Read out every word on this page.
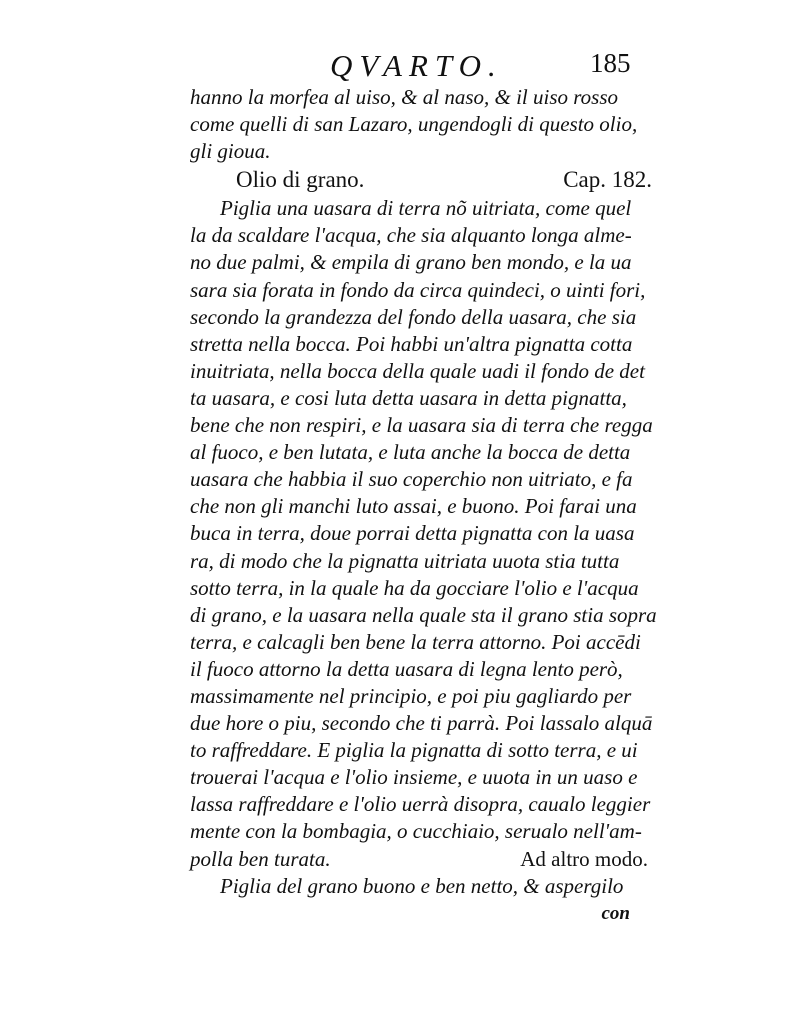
QVARTO.	185
hanno la morfea al uiso, & al naso, & il uiso rosso
come quelli di san Lazaro, ungendogli di questo olio,
gli gioua.
Olio di grano.	Cap. 182.
Piglia una uasara di terra nõ uitriata, come quel
la da scaldare l'acqua, che sia alquanto longa alme-
no due palmi, & empila di grano ben mondo, e la ua
sara sia forata in fondo da circa quindeci, o uinti fori,
secondo la grandezza del fondo della uasara, che sia
stretta nella bocca. Poi habbi un'altra pignatta cotta
inuitriata, nella bocca della quale uadi il fondo de det
ta uasara, e cosi luta detta uasara in detta pignatta,
bene che non respiri, e la uasara sia di terra che regga
al fuoco, e ben lutata, e luta anche la bocca de detta
uasara che habbia il suo coperchio non uitriato, e fa
che non gli manchi luto assai, e buono. Poi farai una
buca in terra, doue porrai detta pignatta con la uasa
ra, di modo che la pignatta uitriata uuota stia tutta
sotto terra, in la quale ha da gocciare l'olio e l'acqua
di grano, e la uasara nella quale sta il grano stia sopra
terra, e calcagli ben bene la terra attorno. Poi accēdi
il fuoco attorno la detta uasara di legna lento però,
massimamente nel principio, e poi piu gagliardo per
due hore o piu, secondo che ti parrà. Poi lassalo alquā
to raffreddare. E piglia la pignatta di sotto terra, e ui
trouerai l'acqua e l'olio insieme, e uuota in un uaso e
lassa raffreddare e l'olio uerrà disopra, caualo leggier
mente con la bombagia, o cucchiaio, serualo nell'am-
polla ben turata.	Ad altro modo.
Piglia del grano buono e ben netto, & aspergilo
con
